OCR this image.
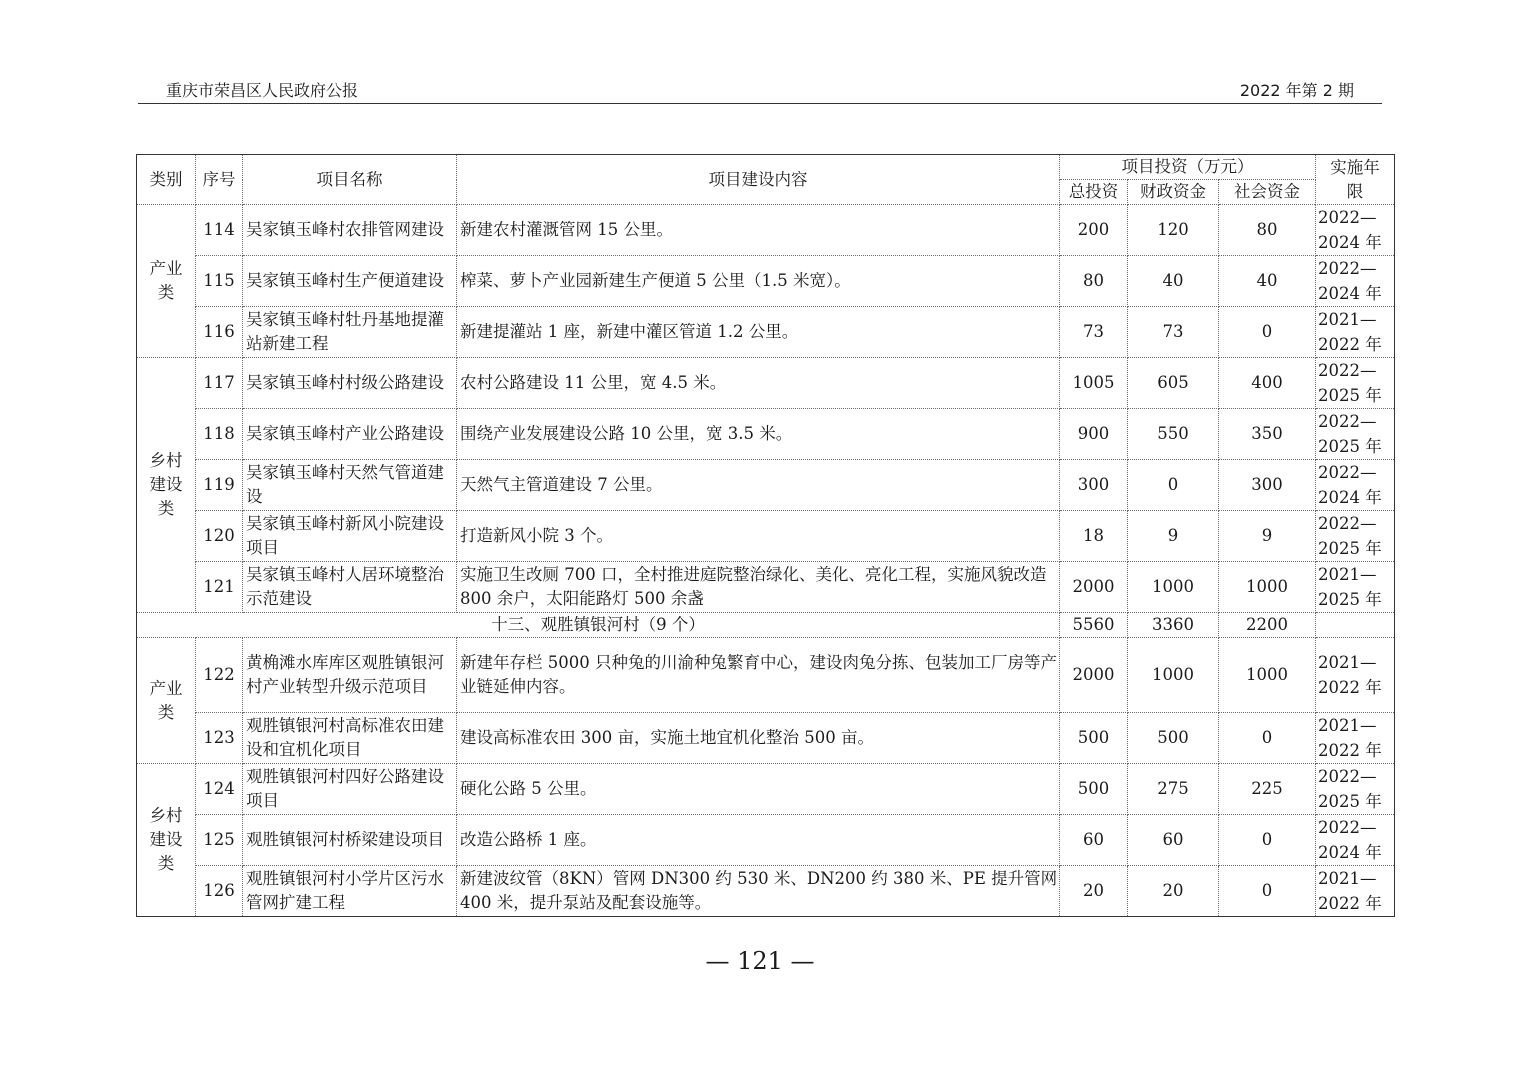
重庆市荣昌区人民政府公报	2022 年第 2 期
类别	序号	项目名称	项目建设内容	项目投资（万元）			实施年限
				总投资	财政资金	社会资金	
产业类	114	吴家镇玉峰村农排管网建设	新建农村灌溉管网 15 公里。	200	120	80	2022—2024 年
	115	吴家镇玉峰村生产便道建设	榨菜、萝卜产业园新建生产便道 5 公里（1.5 米宽）。	80	40	40	2022—2024 年
	116	吴家镇玉峰村牡丹基地提灌站新建工程	新建提灌站 1 座，新建中灌区管道 1.2 公里。	73	73	0	2021—2022 年
乡村建设类	117	吴家镇玉峰村村级公路建设	农村公路建设 11 公里，宽 4.5 米。	1005	605	400	2022—2025 年
	118	吴家镇玉峰村产业公路建设	围绕产业发展建设公路 10 公里，宽 3.5 米。	900	550	350	2022—2025 年
	119	吴家镇玉峰村天然气管道建设	天然气主管道建设 7 公里。	300	0	300	2022—2024 年
	120	吴家镇玉峰村新风小院建设项目	打造新风小院 3 个。	18	9	9	2022—2025 年
	121	吴家镇玉峰村人居环境整治示范建设	实施卫生改厕 700 口，全村推进庭院整治绿化、美化、亮化工程，实施风貌改造 800 余户，太阳能路灯 500 余盏	2000	1000	1000	2021—2025 年
十三、观胜镇银河村（9 个）				5560	3360	2200	
产业类	122	黄桷滩水库库区观胜镇银河村产业转型升级示范项目	新建年存栏 5000 只种兔的川渝种兔繁育中心，建设肉兔分拣、包装加工厂房等产业链延伸内容。	2000	1000	1000	2021—2022 年
	123	观胜镇银河村高标准农田建设和宜机化项目	建设高标准农田 300 亩，实施土地宜机化整治 500 亩。	500	500	0	2021—2022 年
乡村建设类	124	观胜镇银河村四好公路建设项目	硬化公路 5 公里。	500	275	225	2022—2025 年
	125	观胜镇银河村桥梁建设项目	改造公路桥 1 座。	60	60	0	2022—2024 年
	126	观胜镇银河村小学片区污水管网扩建工程	新建波纹管（8KN）管网 DN300 约 530 米、DN200 约 380 米、PE 提升管网 400 米，提升泵站及配套设施等。	20	20	0	2021—2022 年
— 121 —
